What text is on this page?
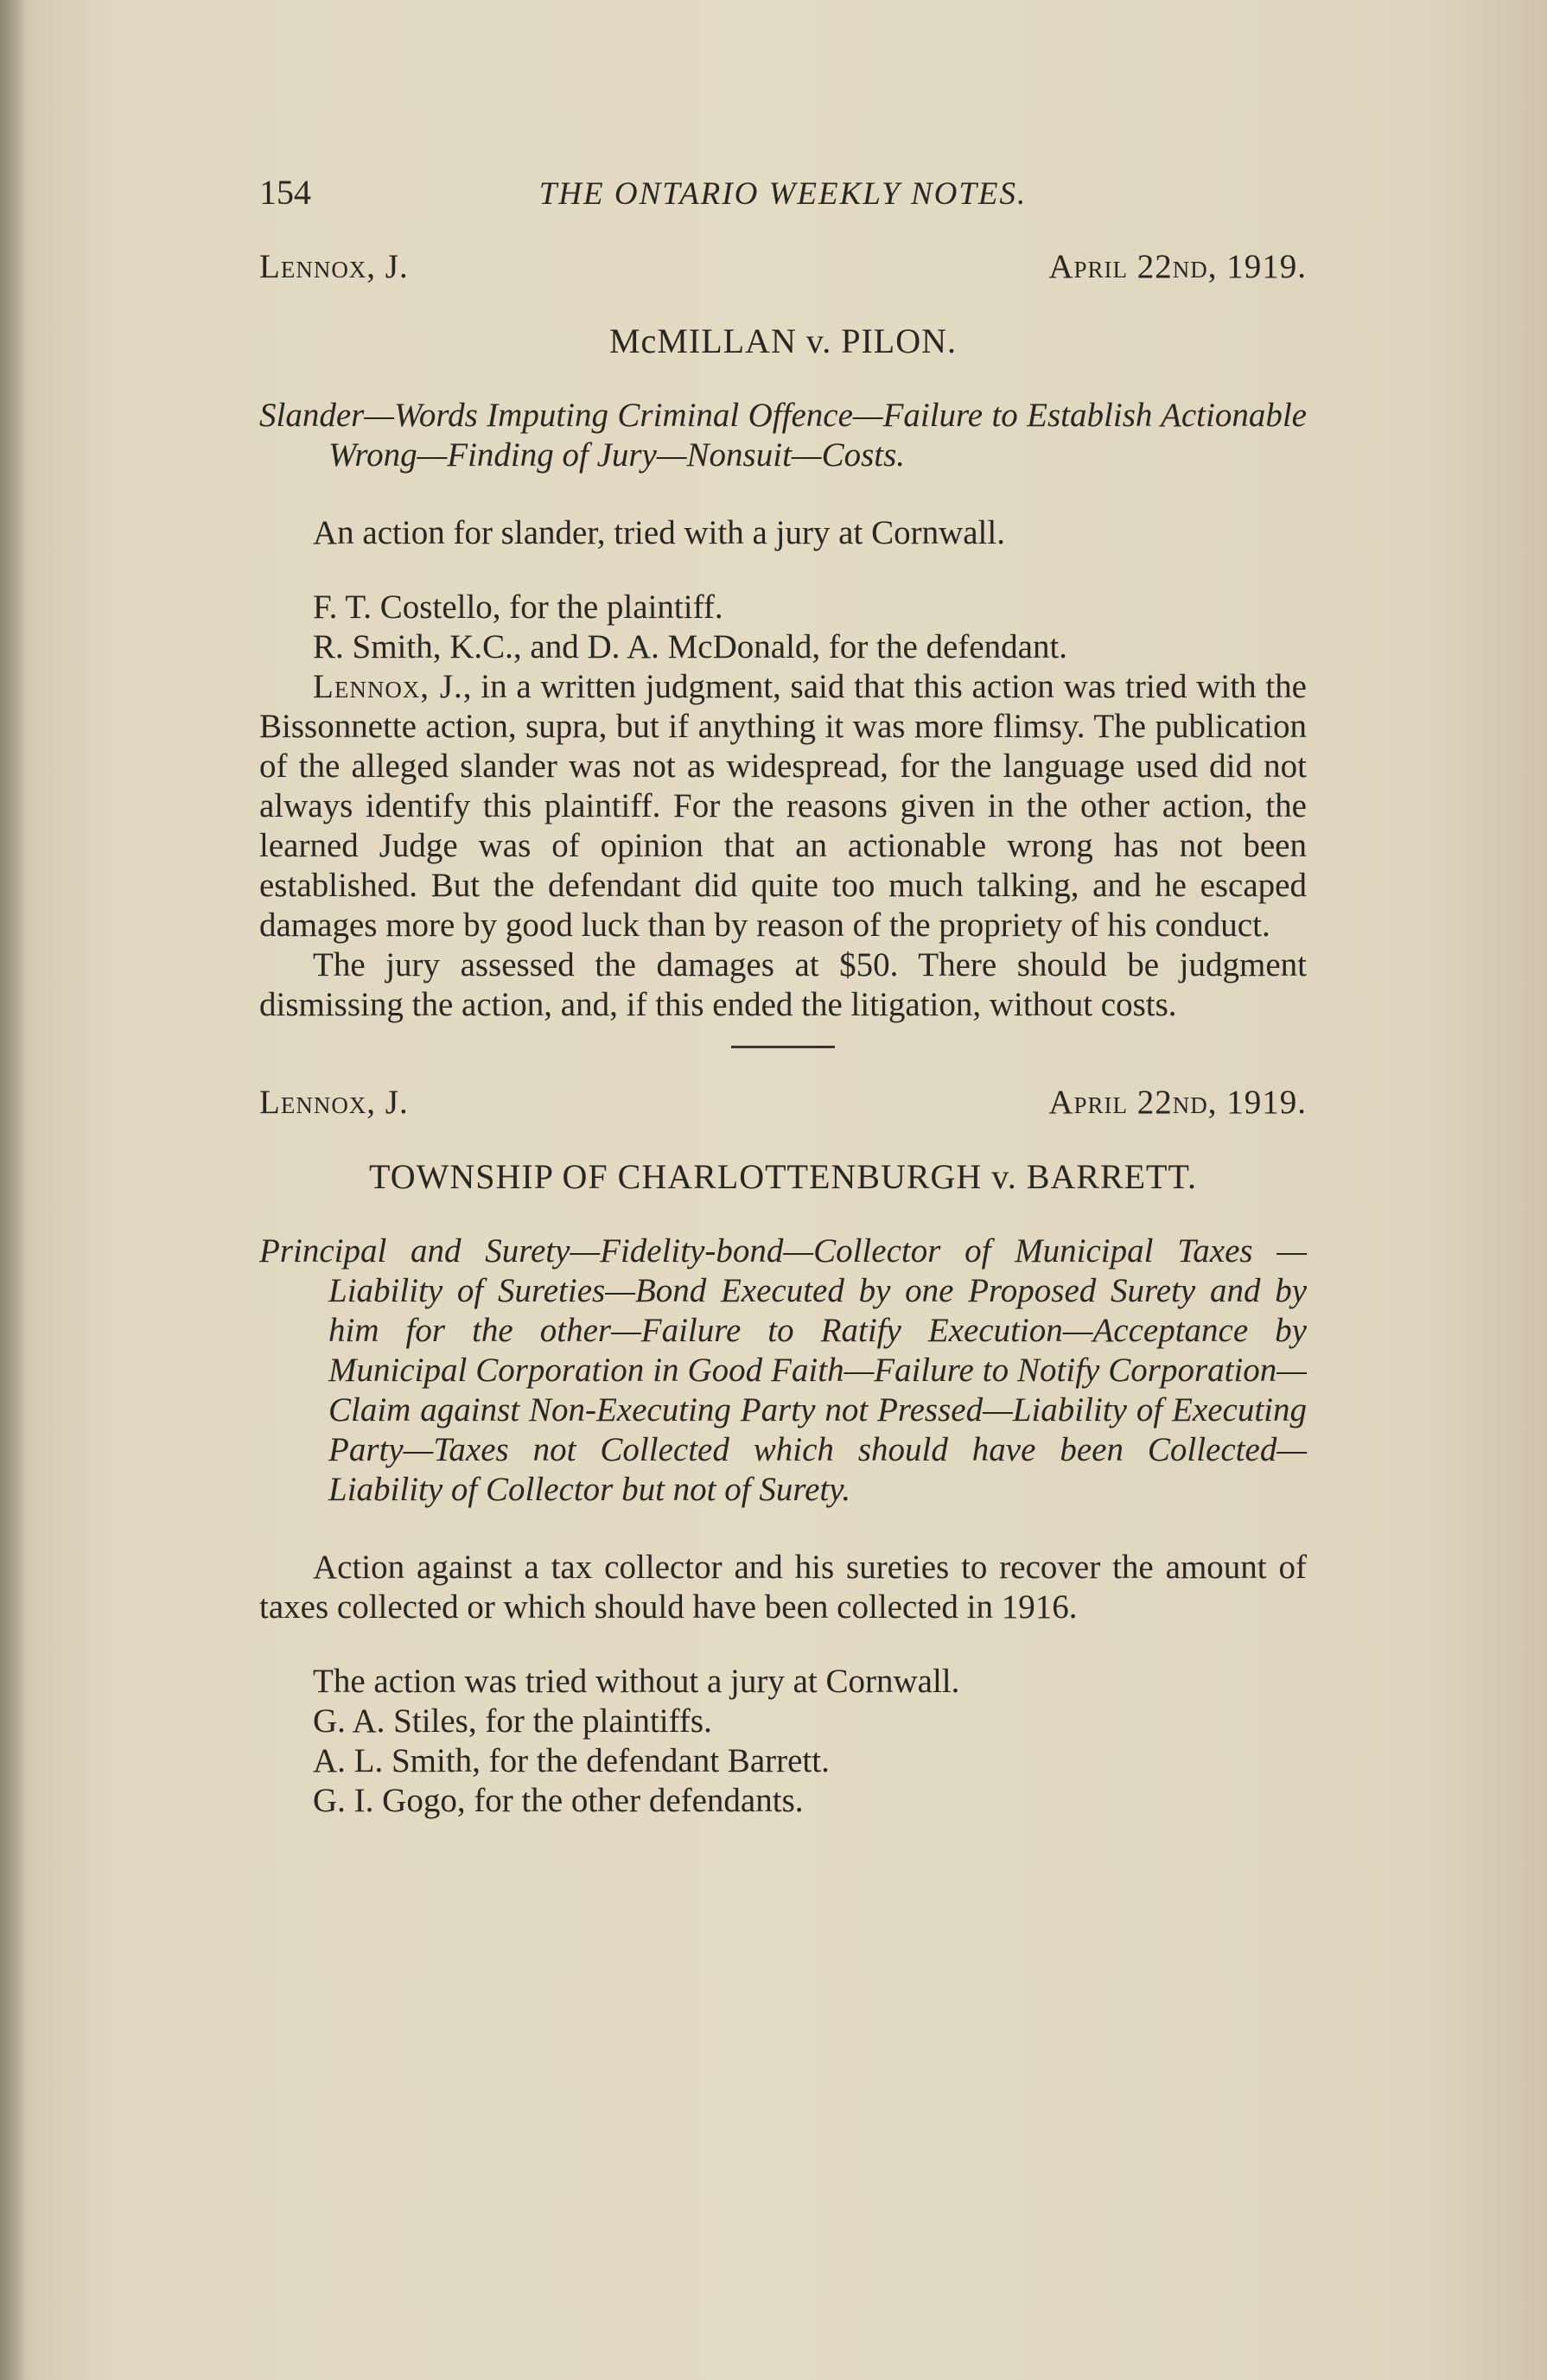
154	THE ONTARIO WEEKLY NOTES.
Lennox, J.	April 22nd, 1919.
McMILLAN v. PILON.
Slander—Words Imputing Criminal Offence—Failure to Establish Actionable Wrong—Finding of Jury—Nonsuit—Costs.

An action for slander, tried with a jury at Cornwall.

F. T. Costello, for the plaintiff.

R. Smith, K.C., and D. A. McDonald, for the defendant.

Lennox, J., in a written judgment, said that this action was tried with the Bissonnette action, supra, but if anything it was more flimsy. The publication of the alleged slander was not as widespread, for the language used did not always identify this plaintiff. For the reasons given in the other action, the learned Judge was of opinion that an actionable wrong has not been established. But the defendant did quite too much talking, and he escaped damages more by good luck than by reason of the propriety of his conduct.

The jury assessed the damages at $50. There should be judgment dismissing the action, and, if this ended the litigation, without costs.

Lennox, J.	April 22nd, 1919.
TOWNSHIP OF CHARLOTTENBURGH v. BARRETT.
Principal and Surety—Fidelity-bond—Collector of Municipal Taxes —Liability of Sureties—Bond Executed by one Proposed Surety and by him for the other—Failure to Ratify Execution—Acceptance by Municipal Corporation in Good Faith—Failure to Notify Corporation—Claim against Non-Executing Party not Pressed—Liability of Executing Party—Taxes not Collected which should have been Collected—Liability of Collector but not of Surety.

Action against a tax collector and his sureties to recover the amount of taxes collected or which should have been collected in 1916.

The action was tried without a jury at Cornwall.

G. A. Stiles, for the plaintiffs.

A. L. Smith, for the defendant Barrett.

G. I. Gogo, for the other defendants.
